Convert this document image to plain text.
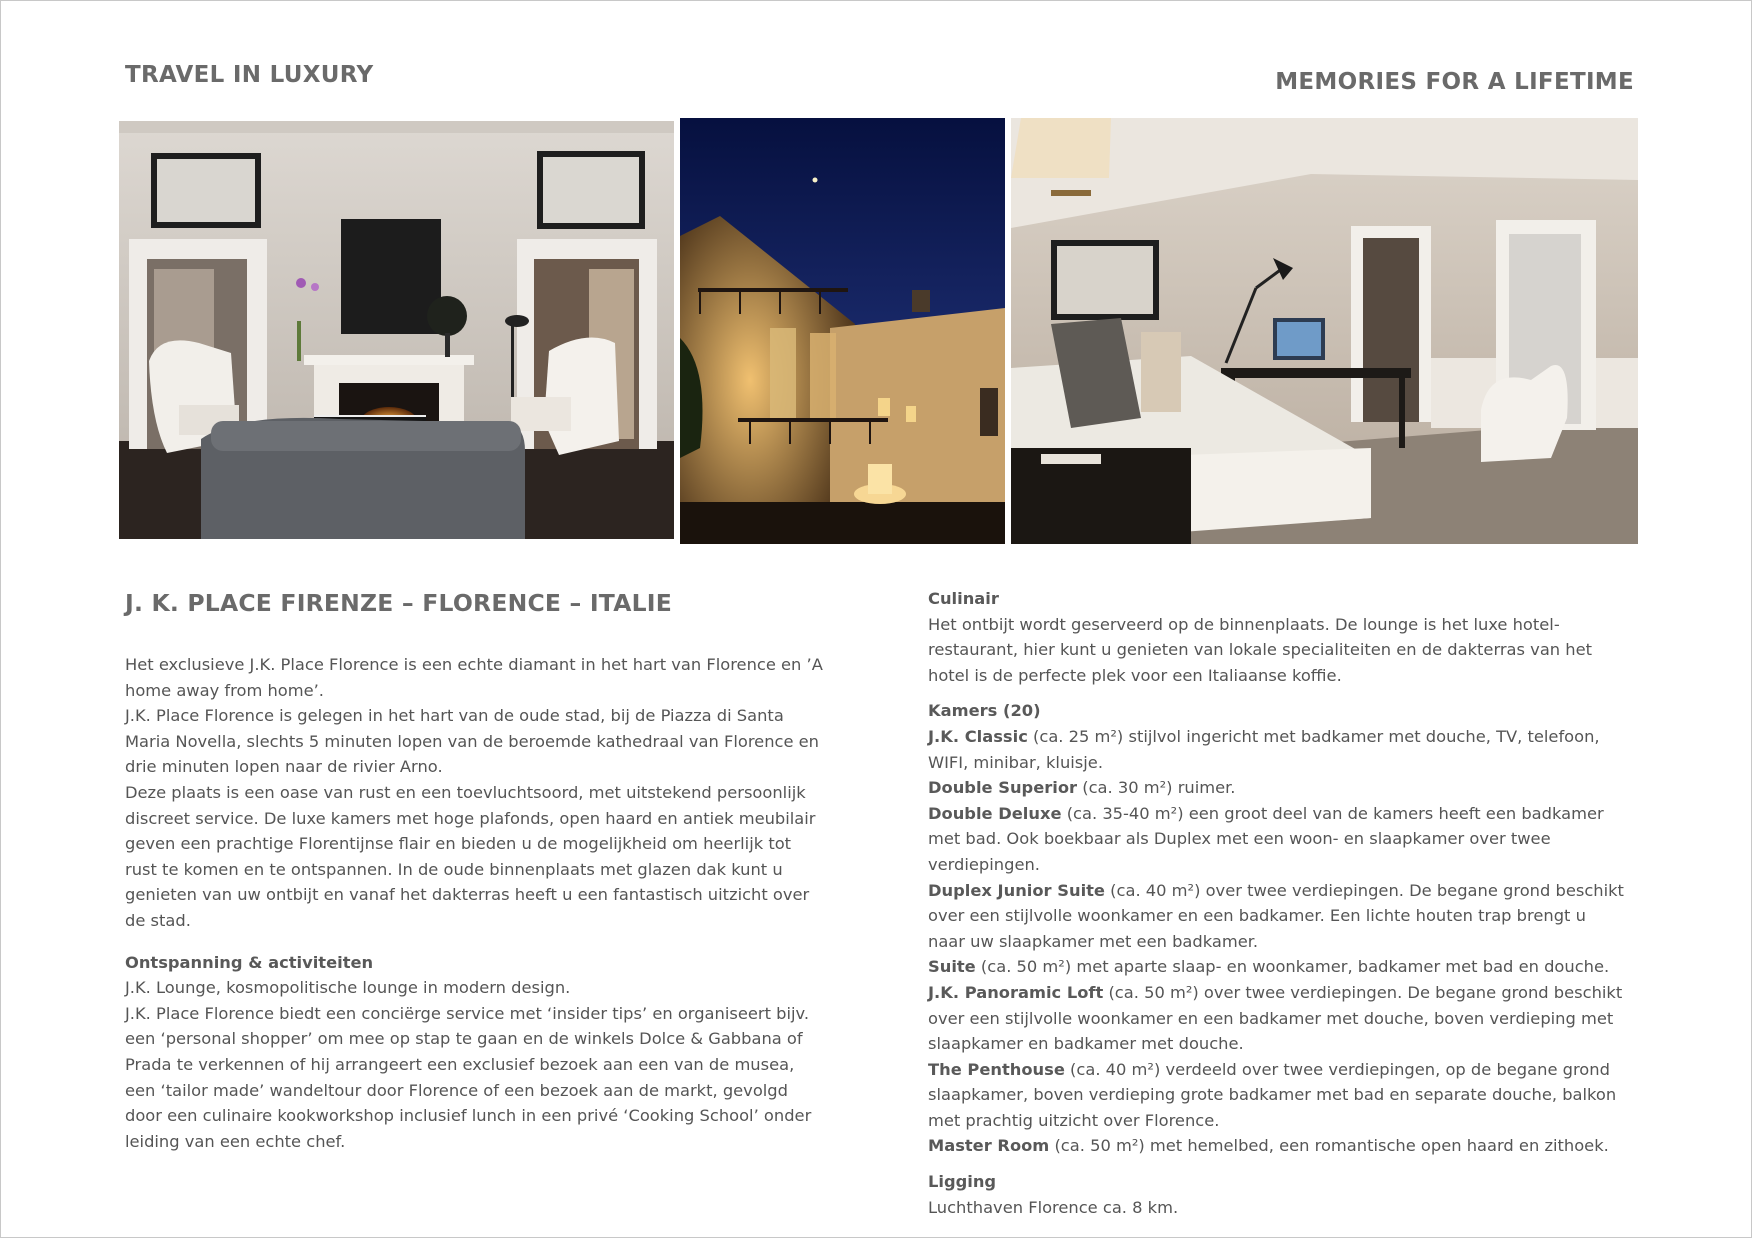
TRAVEL IN LUXURY	MEMORIES FOR A LIFETIME
J. K. PLACE FIRENZE – FLORENCE – ITALIE

Het exclusieve J.K. Place Florence is een echte diamant in het hart van Florence en ’A home away from home’.

J.K. Place Florence is gelegen in het hart van de oude stad, bij de Piazza di Santa Maria Novella, slechts 5 minuten lopen van de beroemde kathedraal van Florence en drie minuten lopen naar de rivier Arno.

Deze plaats is een oase van rust en een toevluchtsoord, met uitstekend persoonlijk discreet service. De luxe kamers met hoge plafonds, open haard en antiek meubilair geven een prachtige Florentijnse flair en bieden u de mogelijkheid om heerlijk tot rust te komen en te ontspannen. In de oude binnenplaats met glazen dak kunt u genieten van uw ontbijt en vanaf het dakterras heeft u een fantastisch uitzicht over de stad.

Ontspanning & activiteiten

J.K. Lounge, kosmopolitische lounge in modern design.

J.K. Place Florence biedt een conciërge service met ‘insider tips’ en organiseert bijv. een ‘personal shopper’ om mee op stap te gaan en de winkels Dolce & Gabbana of Prada te verkennen of hij arrangeert een exclusief bezoek aan een van de musea, een ‘tailor made’ wandeltour door Florence of een bezoek aan de markt, gevolgd door een culinaire kookworkshop inclusief lunch in een privé ‘Cooking School’ onder leiding van een echte chef.

Culinair

Het ontbijt wordt geserveerd op de binnenplaats. De lounge is het luxe hotel-restaurant, hier kunt u genieten van lokale specialiteiten en de dakterras van het hotel is de perfecte plek voor een Italiaanse koffie.

Kamers (20)

J.K. Classic (ca. 25 m²) stijlvol ingericht met badkamer met douche, TV, telefoon, WIFI, minibar, kluisje.

Double Superior (ca. 30 m²) ruimer.

Double Deluxe (ca. 35-40 m²) een groot deel van de kamers heeft een badkamer met bad. Ook boekbaar als Duplex met een woon- en slaapkamer over twee verdiepingen.

Duplex Junior Suite (ca. 40 m²) over twee verdiepingen. De begane grond beschikt over een stijlvolle woonkamer en een badkamer. Een lichte houten trap brengt u naar uw slaapkamer met een badkamer.

Suite (ca. 50 m²) met aparte slaap- en woonkamer, badkamer met bad en douche.

J.K. Panoramic Loft (ca. 50 m²) over twee verdiepingen. De begane grond beschikt over een stijlvolle woonkamer en een badkamer met douche, boven verdieping met slaapkamer en badkamer met douche.

The Penthouse (ca. 40 m²) verdeeld over twee verdiepingen, op de begane grond slaapkamer, boven verdieping grote badkamer met bad en separate douche, balkon met prachtig uitzicht over Florence.

Master Room (ca. 50 m²) met hemelbed, een romantische open haard en zithoek.

Ligging

Luchthaven Florence ca. 8 km.
